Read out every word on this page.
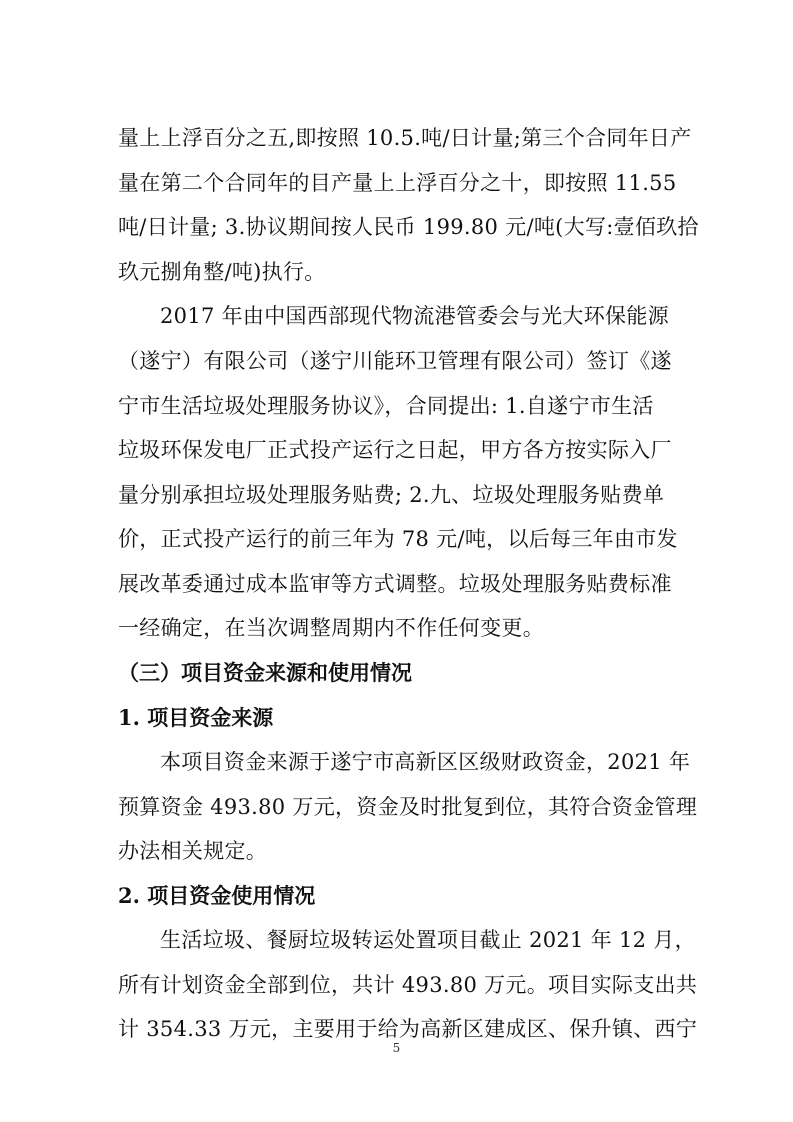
量上上浮百分之五,即按照 10.5.吨/日计量;第三个合同年日产
量在第二个合同年的目产量上上浮百分之十，即按照 11.55
吨/日计量; 3.协议期间按人民币 199.80 元/吨(大写:壹佰玖拾
玖元捌角整/吨)执行。
2017 年由中国西部现代物流港管委会与光大环保能源
（遂宁）有限公司（遂宁川能环卫管理有限公司）签订《遂
宁市生活垃圾处理服务协议》，合同提出: 1.自遂宁市生活
垃圾环保发电厂正式投产运行之日起，甲方各方按实际入厂
量分别承担垃圾处理服务贴费; 2.九、垃圾处理服务贴费单
价，正式投产运行的前三年为 78 元/吨，以后每三年由市发
展改革委通过成本监审等方式调整。垃圾处理服务贴费标准
一经确定，在当次调整周期内不作任何变更。
（三）项目资金来源和使用情况
1. 项目资金来源
本项目资金来源于遂宁市高新区区级财政资金，2021 年
预算资金 493.80 万元，资金及时批复到位，其符合资金管理
办法相关规定。
2. 项目资金使用情况
生活垃圾、餐厨垃圾转运处置项目截止 2021 年 12 月，
所有计划资金全部到位，共计 493.80 万元。项目实际支出共
计 354.33 万元，主要用于给为高新区建成区、保升镇、西宁
5
